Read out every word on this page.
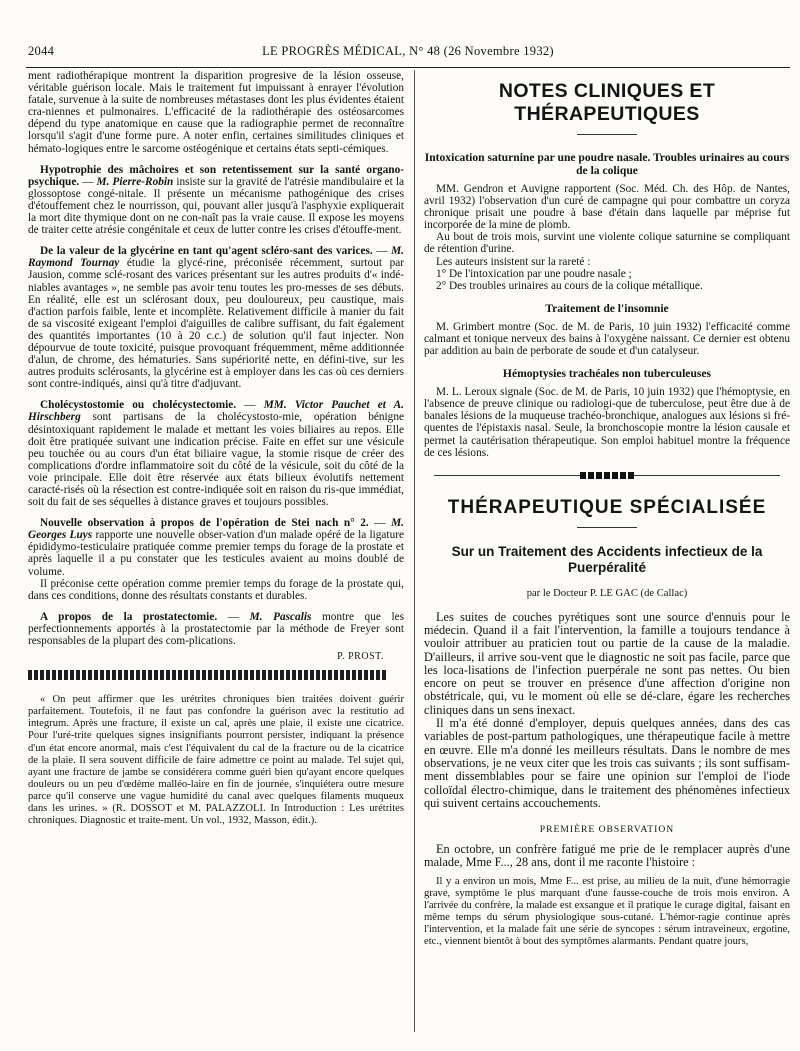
2044	LE PROGRÈS MÉDICAL, N° 48 (26 Novembre 1932)

ment radiothérapique montrent la disparition progresive de la lésion osseuse, véritable guérison locale. Mais le traitement fut impuissant à enrayer l'évolution fatale, survenue à la suite de nombreuses métastases dont les plus évidentes étaient cra-niennes et pulmonaires. L'efficacité de la radiothérapie des ostéosarcomes dépend du type anatomique en cause que la radiographie permet de reconnaître lorsqu'il s'agit d'une forme pure. A noter enfin, certaines similitudes cliniques et hémato-logiques entre le sarcome ostéogénique et certains états septi-cémiques.

Hypotrophie des mâchoires et son retentissement sur la santé organo-psychique. — M. Pierre-Robin insiste sur la gravité de l'atrésie mandibulaire et la glossoptose congé-nitale. Il présente un mécanisme pathogénique des crises d'étouffement chez le nourrisson, qui, pouvant aller jusqu'à l'asphyxie expliquerait la mort dite thymique dont on ne con-naît pas la vraie cause. Il expose les moyens de traiter cette atrésie congénitale et ceux de lutter contre les crises d'étouffe-ment.

De la valeur de la glycérine en tant qu'agent scléro-sant des varices. — M. Raymond Tournay étudie la glycé-rine, préconisée récemment, surtout par Jausion, comme sclé-rosant des varices présentant sur les autres produits d'« indé-niables avantages », ne semble pas avoir tenu toutes les pro-messes de ses débuts. En réalité, elle est un sclérosant doux, peu douloureux, peu caustique, mais d'action parfois faible, lente et incomplète. Relativement difficile à manier du fait de sa viscosité exigeant l'emploi d'aiguilles de calibre suffisant, du fait également des quantités importantes (10 à 20 c.c.) de solution qu'il faut injecter. Non dépourvue de toute toxicité, puisque provoquant fréquemment, même additionnée d'alun, de chrome, des hématuries. Sans supériorité nette, en défini-tive, sur les autres produits sclérosants, la glycérine est à employer dans les cas où ces derniers sont contre-indiqués, ainsi qu'à titre d'adjuvant.

Cholécystostomie ou cholécystectomie. — MM. Victor Pauchet et A. Hirschberg sont partisans de la cholécystosto-mie, opération bénigne désintoxiquant rapidement le malade et mettant les voies biliaires au repos. Elle doit être pratiquée suivant une indication précise. Faite en effet sur une vésicule peu touchée ou au cours d'un état biliaire vague, la stomie risque de créer des complications d'ordre inflammatoire soit du côté de la vésicule, soit du côté de la voie principale. Elle doit être réservée aux états bilieux évolutifs nettement caracté-risés où la résection est contre-indiquée soit en raison du ris-que immédiat, soit du fait de ses séquelles à distance graves et toujours possibles.

Nouvelle observation à propos de l'opération de Stei nach n° 2. — M. Georges Luys rapporte une nouvelle obser-vation d'un malade opéré de la ligature épididymo-testiculaire pratiquée comme premier temps du forage de la prostate et après laquelle il a pu constater que les testicules avaient au moins doublé de volume.

Il préconise cette opération comme premier temps du forage de la prostate qui, dans ces conditions, donne des résultats constants et durables.

A propos de la prostatectomie. — M. Pascalis montre que les perfectionnements apportés à la prostatectomie par la méthode de Freyer sont responsables de la plupart des com-plications.

P. PROST.

« On peut affirmer que les urétrites chroniques bien traitées doivent guérir parfaitement. Toutefois, il ne faut pas confondre la guérison avec la restitutio ad integrum. Après une fracture, il existe un cal, après une plaie, il existe une cicatrice. Pour l'uré-trite quelques signes insignifiants pourront persister, indiquant la présence d'un état encore anormal, mais c'est l'équivalent du cal de la fracture ou de la cicatrice de la plaie. Il sera souvent difficile de faire admettre ce point au malade. Tel sujet qui, ayant une fracture de jambe se considérera comme guéri bien qu'ayant encore quelques douleurs ou un peu d'œdème malléo-laire en fin de journée, s'inquiétera outre mesure parce qu'il conserve une vague humidité du canal avec quelques filaments muqueux dans les urines. » (R. DOSSOT et M. PALAZZOLI. In Introduction : Les urétrites chroniques. Diagnostic et traite-ment. Un vol., 1932, Masson, édit.).

NOTES CLINIQUES ET THÉRAPEUTIQUES
Intoxication saturnine par une poudre nasale. Troubles urinaires au cours de la colique

MM. Gendron et Auvigne rapportent (Soc. Méd. Ch. des Hôp. de Nantes, avril 1932) l'observation d'un curé de campagne qui pour combattre un coryza chronique prisait une poudre à base d'étain dans laquelle par méprise fut incorporée de la mine de plomb.

Au bout de trois mois, survint une violente colique saturnine se compliquant de rétention d'urine.

Les auteurs insistent sur la rareté :

1° De l'intoxication par une poudre nasale ;

2° Des troubles urinaires au cours de la colique métallique.

Traitement de l'insomnie

M. Grimbert montre (Soc. de M. de Paris, 10 juin 1932) l'efficacité comme calmant et tonique nerveux des bains à l'oxygène naissant. Ce dernier est obtenu par addition au bain de perborate de soude et d'un catalyseur.

Hémoptysies trachéales non tuberculeuses

M. L. Leroux signale (Soc. de M. de Paris, 10 juin 1932) que l'hémoptysie, en l'absence de preuve clinique ou radiologi-que de tuberculose, peut être due à de banales lésions de la muqueuse trachéo-bronchique, analogues aux lésions si fré-quentes de l'épistaxis nasal. Seule, la bronchoscopie montre la lésion causale et permet la cautérisation thérapeutique. Son emploi habituel montre la fréquence de ces lésions.

THÉRAPEUTIQUE SPÉCIALISÉE
Sur un Traitement des Accidents infectieux de la Puerpéralité
par le Docteur P. LE GAC (de Callac)

Les suites de couches pyrétiques sont une source d'ennuis pour le médecin. Quand il a fait l'intervention, la famille a toujours tendance à vouloir attribuer au praticien tout ou partie de la cause de la maladie. D'ailleurs, il arrive sou-vent que le diagnostic ne soit pas facile, parce que les loca-lisations de l'infection puerpérale ne sont pas nettes. Ou bien encore on peut se trouver en présence d'une affection d'origine non obstétricale, qui, vu le moment où elle se dé-clare, égare les recherches cliniques dans un sens inexact.

Il m'a été donné d'employer, depuis quelques années, dans des cas variables de post-partum pathologiques, une thérapeutique facile à mettre en œuvre. Elle m'a donné les meilleurs résultats. Dans le nombre de mes observations, je ne veux citer que les trois cas suivants ; ils sont suffisam-ment dissemblables pour se faire une opinion sur l'emploi de l'iode colloïdal électro-chimique, dans le traitement des phénomènes infectieux qui suivent certains accouchements.

PREMIÈRE OBSERVATION

En octobre, un confrère fatigué me prie de le remplacer auprès d'une malade, Mme F..., 28 ans, dont il me raconte l'histoire :

Il y a environ un mois, Mme F... est prise, au milieu de la nuit, d'une hémorragie grave, symptôme le plus marquant d'une fausse-couche de trois mois environ. A l'arrivée du confrère, la malade est exsangue et il pratique le curage digital, faisant en même temps du sérum physiologique sous-cutané. L'hémor-ragie continue après l'intervention, et la malade fait une série de syncopes : sérum intraveineux, ergotine, etc., viennent bientôt à bout des symptômes alarmants. Pendant quatre jours,
